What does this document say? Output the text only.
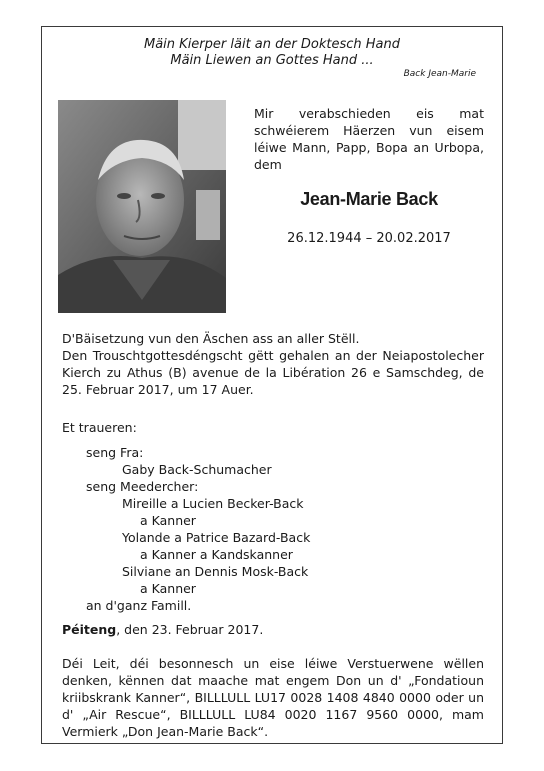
Mäin Kierper läit an der Doktesch Hand
Mäin Liewen an Gottes Hand ...
Back Jean-Marie
Mir verabschieden eis mat schwéierem Häerzen vun eisem léiwe Mann, Papp, Bopa an Urbopa, dem
Jean-Marie Back
26.12.1944 – 20.02.2017

D'Bäisetzung vun den Äschen ass an aller Stëll.

Den Trouschtgottesdéngscht gëtt gehalen an der Neiapostolecher Kierch zu Athus (B) avenue de la Libération 26 e Samschdeg, de 25. Februar 2017, um 17 Auer.

Et traueren:
seng Fra:
Gaby Back-Schumacher
seng Meedercher:
Mireille a Lucien Becker-Back
a Kanner
Yolande a Patrice Bazard-Back
a Kanner a Kandskanner
Silviane an Dennis Mosk-Back
a Kanner
an d'ganz Famill.
Péiteng, den 23. Februar 2017.
Déi Leit, déi besonnesch un eise léiwe Verstuerwene wëllen denken, kënnen dat maache mat engem Don un d' „Fondatioun kriibskrank Kanner“, BILLLULL LU17 0028 1408 4840 0000 oder un d' „Air Rescue“, BILLLULL LU84 0020 1167 9560 0000, mam Vermierk „Don Jean-Marie Back“.
